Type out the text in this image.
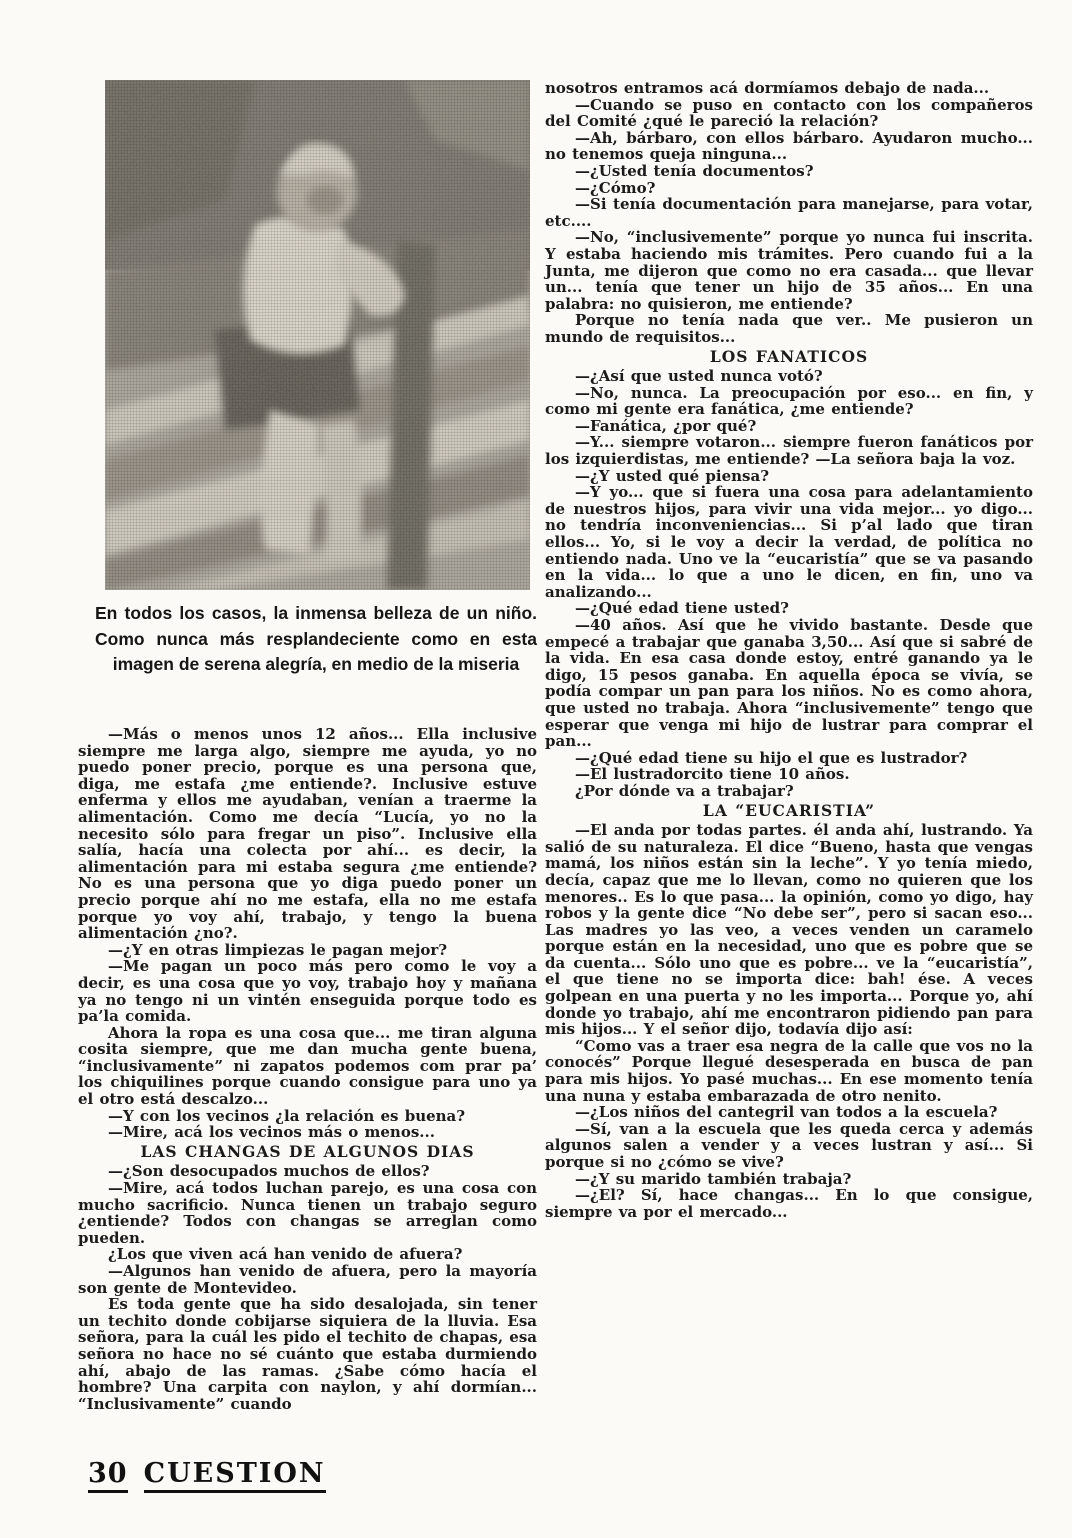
En todos los casos, la inmensa belleza de un niño. Como nunca más resplandeciente como en esta imagen de serena alegría, en medio de la miseria

—Más o menos unos 12 años... Ella inclusive siempre me larga algo, siempre me ayuda, yo no puedo poner precio, porque es una persona que, diga, me estafa ¿me entiende?. Inclusive estuve enferma y ellos me ayudaban, venían a traerme la alimentación. Como me decía “Lucía, yo no la necesito sólo para fregar un piso”. Inclusive ella salía, hacía una colecta por ahí... es decir, la alimentación para mi estaba segura ¿me entiende? No es una persona que yo diga puedo poner un precio porque ahí no me estafa, ella no me estafa porque yo voy ahí, trabajo, y tengo la buena alimentación ¿no?.

—¿Y en otras limpiezas le pagan mejor?

—Me pagan un poco más pero como le voy a decir, es una cosa que yo voy, trabajo hoy y mañana ya no tengo ni un vintén enseguida porque todo es pa’la comida.

Ahora la ropa es una cosa que... me tiran alguna cosita siempre, que me dan mucha gente buena, “inclusivamente” ni zapatos podemos com prar pa’ los chiquilines porque cuando consigue para uno ya el otro está descalzo...

—Y con los vecinos ¿la relación es buena?

—Mire, acá los vecinos más o menos...

LAS CHANGAS DE ALGUNOS DIAS

—¿Son desocupados muchos de ellos?

—Mire, acá todos luchan parejo, es una cosa con mucho sacrificio. Nunca tienen un trabajo seguro ¿entiende? Todos con changas se arreglan como pueden.

¿Los que viven acá han venido de afuera?

—Algunos han venido de afuera, pero la mayoría son gente de Montevideo.

Es toda gente que ha sido desalojada, sin tener un techito donde cobijarse siquiera de la lluvia. Esa señora, para la cuál les pido el techito de chapas, esa señora no hace no sé cuánto que estaba durmiendo ahí, abajo de las ramas. ¿Sabe cómo hacía el hombre? Una carpita con naylon, y ahí dormían... “Inclusivamente” cuando

nosotros entramos acá dormíamos debajo de nada...

—Cuando se puso en contacto con los compañeros del Comité ¿qué le pareció la relación?

—Ah, bárbaro, con ellos bárbaro. Ayudaron mucho... no tenemos queja ninguna...

—¿Usted tenía documentos?

—¿Cómo?

—Si tenía documentación para manejarse, para votar, etc....

—No, “inclusivemente” porque yo nunca fui inscrita. Y estaba haciendo mis trámites. Pero cuando fui a la Junta, me dijeron que como no era casada... que llevar un... tenía que tener un hijo de 35 años... En una palabra: no quisieron, me entiende?

Porque no tenía nada que ver.. Me pusieron un mundo de requisitos...

LOS FANATICOS

—¿Así que usted nunca votó?

—No, nunca. La preocupación por eso... en fin, y como mi gente era fanática, ¿me entiende?

—Fanática, ¿por qué?

—Y... siempre votaron... siempre fueron fanáticos por los izquierdistas, me entiende? —La señora baja la voz.

—¿Y usted qué piensa?

—Y yo... que si fuera una cosa para adelantamiento de nuestros hijos, para vivir una vida mejor... yo digo... no tendría inconveniencias... Si p’al lado que tiran ellos... Yo, si le voy a decir la verdad, de política no entiendo nada. Uno ve la “eucaristía” que se va pasando en la vida... lo que a uno le dicen, en fin, uno va analizando...

—¿Qué edad tiene usted?

—40 años. Así que he vivido bastante. Desde que empecé a trabajar que ganaba 3,50... Así que si sabré de la vida. En esa casa donde estoy, entré ganando ya le digo, 15 pesos ganaba. En aquella época se vivía, se podía compar un pan para los niños. No es como ahora, que usted no trabaja. Ahora “inclusivemente” tengo que esperar que venga mi hijo de lustrar para comprar el pan...

—¿Qué edad tiene su hijo el que es lustrador?

—El lustradorcito tiene 10 años.

¿Por dónde va a trabajar?

LA “EUCARISTIA”

—El anda por todas partes. él anda ahí, lustrando. Ya salió de su naturaleza. El dice “Bueno, hasta que vengas mamá, los niños están sin la leche”. Y yo tenía miedo, decía, capaz que me lo llevan, como no quieren que los menores.. Es lo que pasa... la opinión, como yo digo, hay robos y la gente dice “No debe ser”, pero si sacan eso... Las madres yo las veo, a veces venden un caramelo porque están en la necesidad, uno que es pobre que se da cuenta... Sólo uno que es pobre... ve la “eucaristía”, el que tiene no se importa dice: bah! ése. A veces golpean en una puerta y no les importa... Porque yo, ahí donde yo trabajo, ahí me encontraron pidiendo pan para mis hijos... Y el señor dijo, todavía dijo así:

“Como vas a traer esa negra de la calle que vos no la conocés” Porque llegué desesperada en busca de pan para mis hijos. Yo pasé muchas... En ese momento tenía una nuna y estaba embarazada de otro nenito.

—¿Los niños del cantegril van todos a la escuela?

—Sí, van a la escuela que les queda cerca y además algunos salen a vender y a veces lustran y así... Si porque si no ¿cómo se vive?

—¿Y su marido también trabaja?

—¿El? Sí, hace changas... En lo que consigue, siempre va por el mercado...

30 CUESTION
